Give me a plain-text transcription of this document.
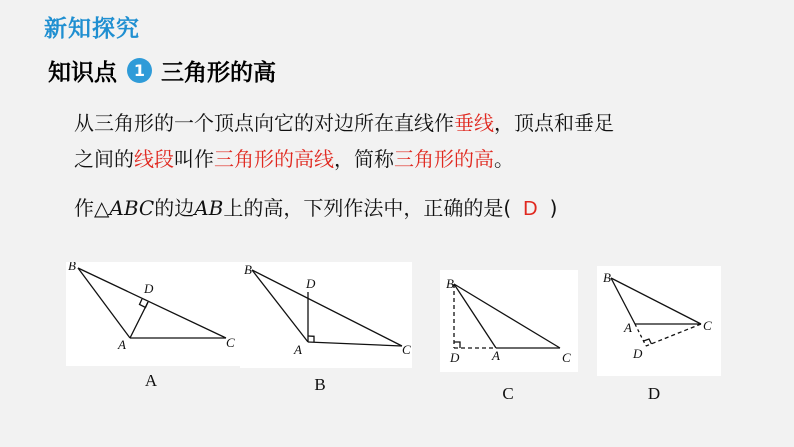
新知探究
知识点	1 三角形的高
从三角形的一个顶点向它的对边所在直线作垂线，顶点和垂足
之间的线段叫作三角形的高线，简称三角形的高。
作△ABC的边AB上的高，下列作法中，正确的是( D )
B
D
A	C
A
B
D
A	C
B
B
D	A	C
C
B
A	C
D
D
